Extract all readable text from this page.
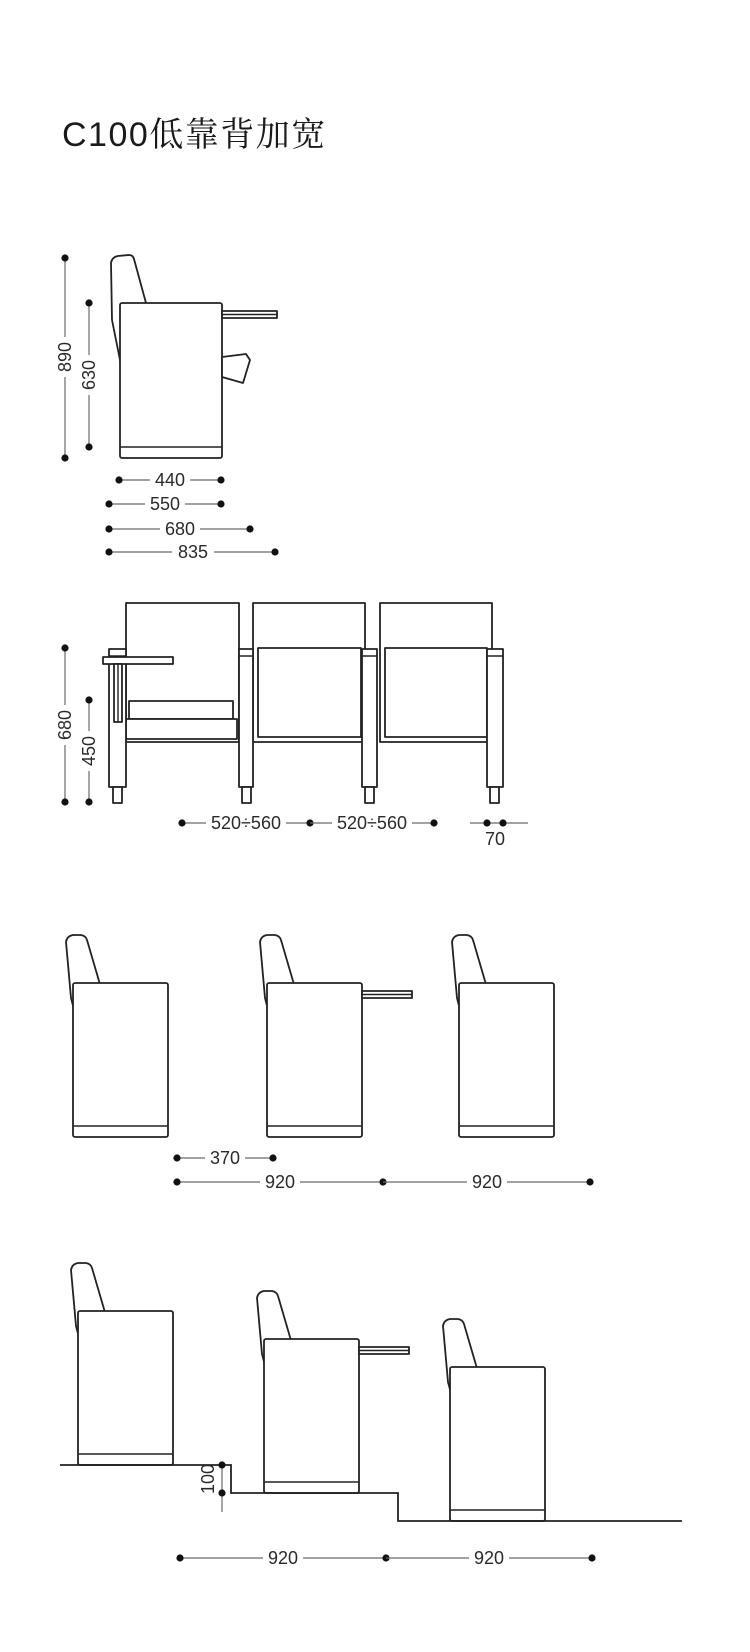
C100低靠背加宽
890
630
440
550
680
835
680
450
520÷560	520÷560
70
370
920	920
100
920	920
